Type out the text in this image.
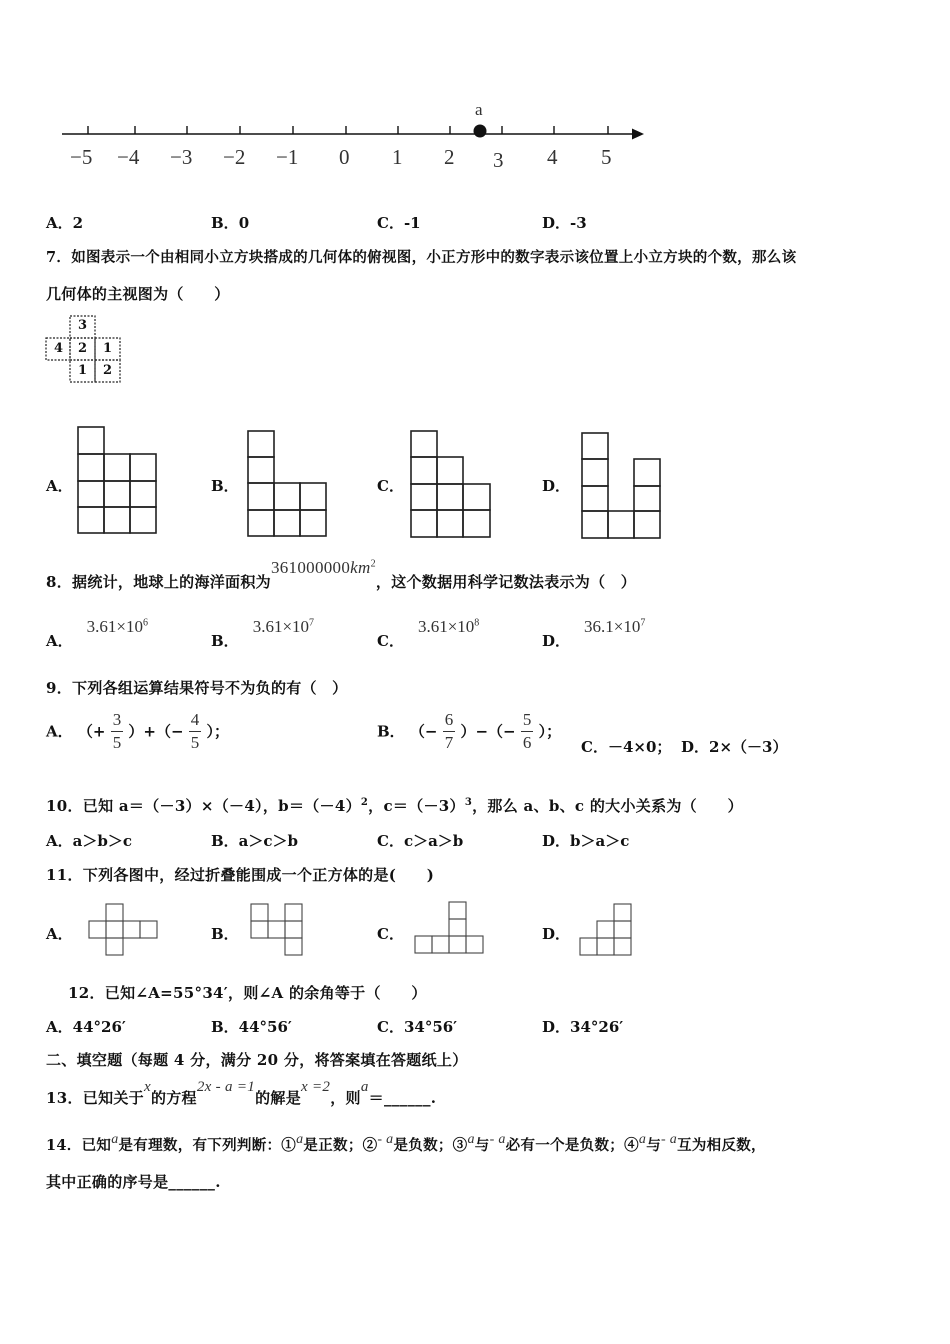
a
−5 −4 −3 −2 −1 0 1 2 3 4 5
A．2	B．0	C．-1	D．-3
7．如图表示一个由相同小立方块搭成的几何体的俯视图，小正方形中的数字表示该位置上小立方块的个数，那么该
几何体的主视图为（　　）
3
4 2 1
1 2
A．	B．	C．	D．
8．据统计，地球上的海洋面积为$361000000km^2$，这个数据用科学记数法表示为（　）
A．$3.61\times 10^6$
B．$3.61\times 10^7$
C．$3.61\times 10^8$
D．$36.1\times 10^7$
9．下列各组运算结果符号不为负的有（　）
A． （+ $\frac{3}{5}$ ）+（− $\frac{4}{5}$ ）；	B． （− $\frac{6}{7}$ ）−（− $\frac{5}{6}$ ）；
C．－4×0； D．2×（－3）
10．已知 a＝（－3）×（－4），$b=(-4)^2$，$c=(-3)^3$，那么 a、b、c 的大小关系为（　　）
A．a＞b＞c	B．a＞c＞b	C．c＞a＞b	D．b＞a＞c
11．下列各图中，经过折叠能围成一个正方体的是(　　)
A．	B．	C．	D．
12．已知∠A=55°34′，则∠A 的余角等于（　　）
A．44°26′	B．44°56′	C．34°56′	D．34°26′
二、填空题（每题 4 分，满分 20 分，将答案填在答题纸上）
13．已知关于x的方程2x - a =1的解是x =2，则a＝______.
14．已知a是有理数，有下列判断：①a是正数；②- a是负数；③a与- a必有一个是负数；④a与- a互为相反数，
其中正确的序号是______.
